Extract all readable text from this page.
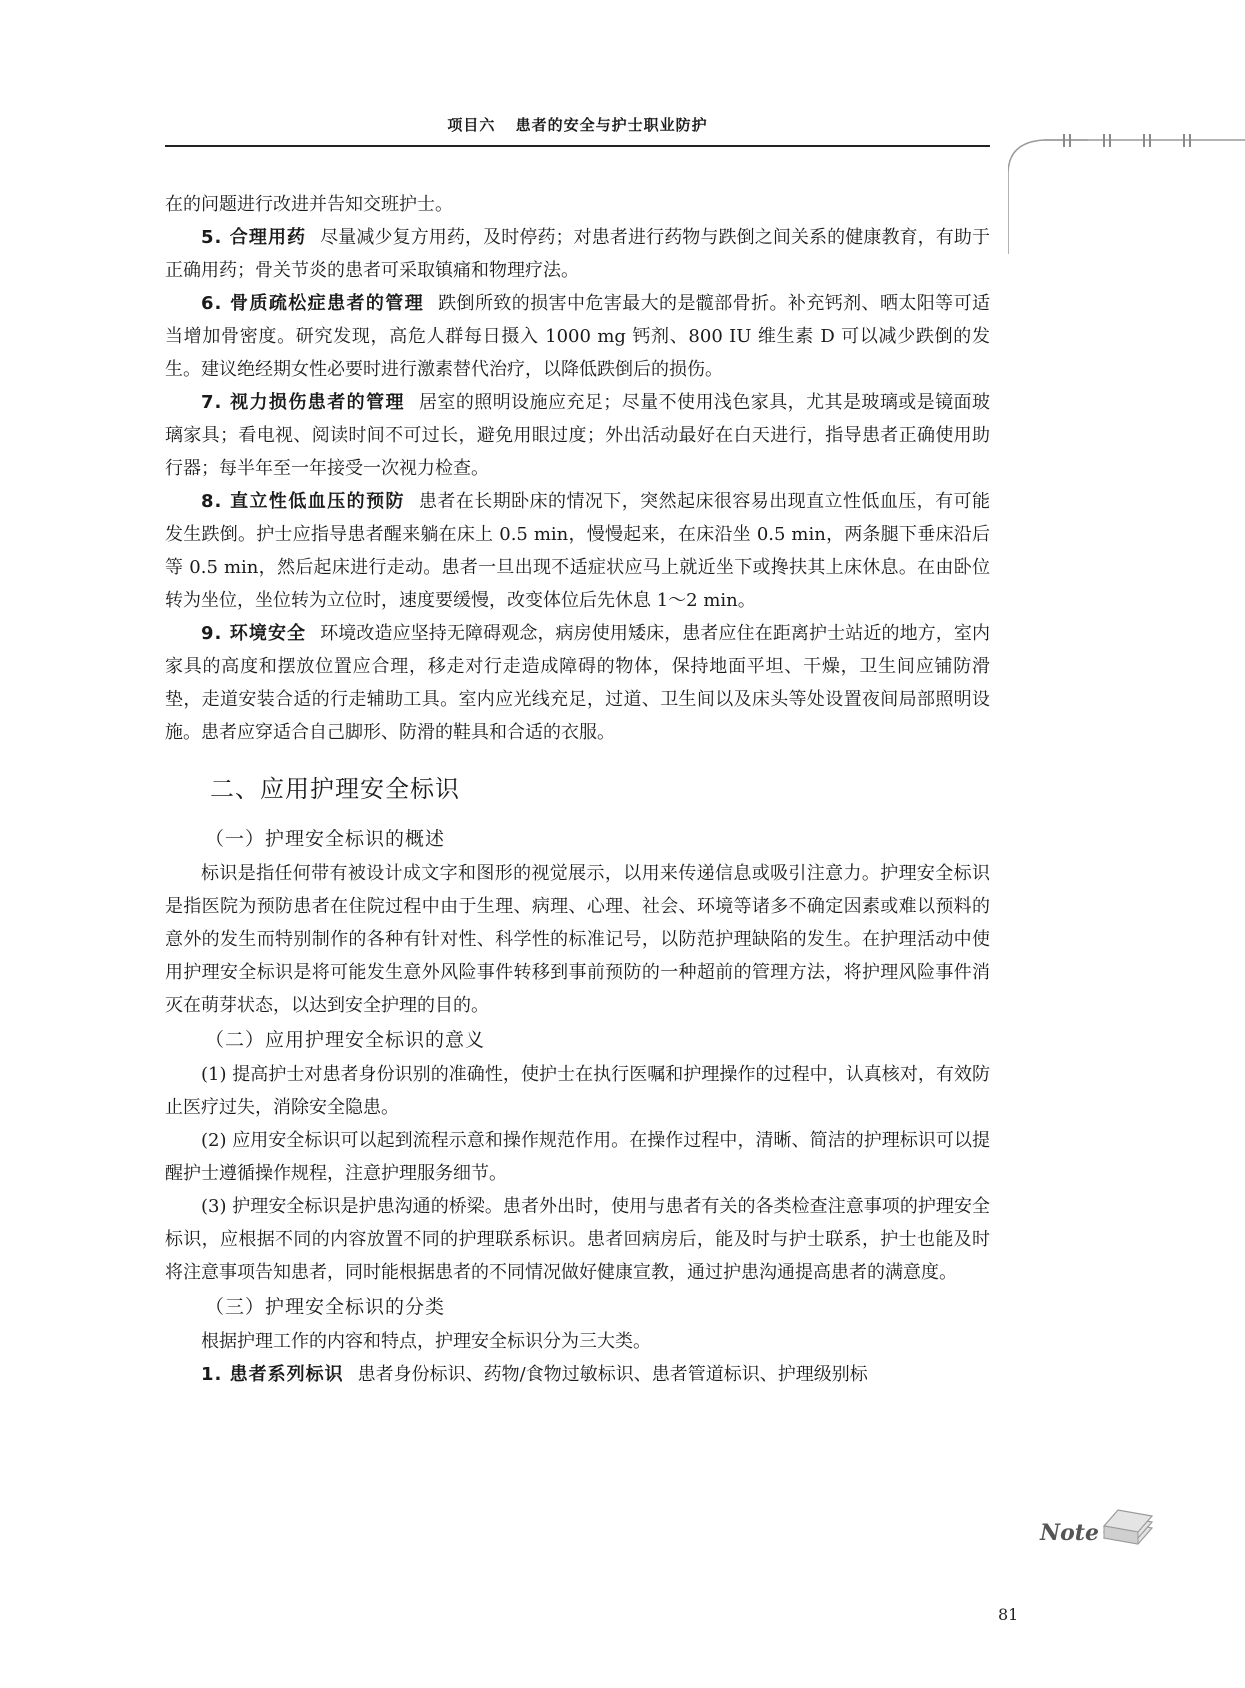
项目六 患者的安全与护士职业防护

在的问题进行改进并告知交班护士。

5. 合理用药 尽量减少复方用药，及时停药；对患者进行药物与跌倒之间关系的健康教育，有助于正确用药；骨关节炎的患者可采取镇痛和物理疗法。

6. 骨质疏松症患者的管理 跌倒所致的损害中危害最大的是髋部骨折。补充钙剂、晒太阳等可适当增加骨密度。研究发现，高危人群每日摄入 1000 mg 钙剂、800 IU 维生素 D 可以减少跌倒的发生。建议绝经期女性必要时进行激素替代治疗，以降低跌倒后的损伤。

7. 视力损伤患者的管理 居室的照明设施应充足；尽量不使用浅色家具，尤其是玻璃或是镜面玻璃家具；看电视、阅读时间不可过长，避免用眼过度；外出活动最好在白天进行，指导患者正确使用助行器；每半年至一年接受一次视力检查。

8. 直立性低血压的预防 患者在长期卧床的情况下，突然起床很容易出现直立性低血压，有可能发生跌倒。护士应指导患者醒来躺在床上 0.5 min，慢慢起来，在床沿坐 0.5 min，两条腿下垂床沿后等 0.5 min，然后起床进行走动。患者一旦出现不适症状应马上就近坐下或搀扶其上床休息。在由卧位转为坐位，坐位转为立位时，速度要缓慢，改变体位后先休息 1～2 min。

9. 环境安全 环境改造应坚持无障碍观念，病房使用矮床，患者应住在距离护士站近的地方，室内家具的高度和摆放位置应合理，移走对行走造成障碍的物体，保持地面平坦、干燥，卫生间应铺防滑垫，走道安装合适的行走辅助工具。室内应光线充足，过道、卫生间以及床头等处设置夜间局部照明设施。患者应穿适合自己脚形、防滑的鞋具和合适的衣服。

二、应用护理安全标识
（一）护理安全标识的概述

标识是指任何带有被设计成文字和图形的视觉展示，以用来传递信息或吸引注意力。护理安全标识是指医院为预防患者在住院过程中由于生理、病理、心理、社会、环境等诸多不确定因素或难以预料的意外的发生而特别制作的各种有针对性、科学性的标准记号，以防范护理缺陷的发生。在护理活动中使用护理安全标识是将可能发生意外风险事件转移到事前预防的一种超前的管理方法，将护理风险事件消灭在萌芽状态，以达到安全护理的目的。

（二）应用护理安全标识的意义

(1) 提高护士对患者身份识别的准确性，使护士在执行医嘱和护理操作的过程中，认真核对，有效防止医疗过失，消除安全隐患。

(2) 应用安全标识可以起到流程示意和操作规范作用。在操作过程中，清晰、简洁的护理标识可以提醒护士遵循操作规程，注意护理服务细节。

(3) 护理安全标识是护患沟通的桥梁。患者外出时，使用与患者有关的各类检查注意事项的护理安全标识，应根据不同的内容放置不同的护理联系标识。患者回病房后，能及时与护士联系，护士也能及时将注意事项告知患者，同时能根据患者的不同情况做好健康宣教，通过护患沟通提高患者的满意度。

（三）护理安全标识的分类

根据护理工作的内容和特点，护理安全标识分为三大类。

1. 患者系列标识 患者身份标识、药物/食物过敏标识、患者管道标识、护理级别标

Note
81
